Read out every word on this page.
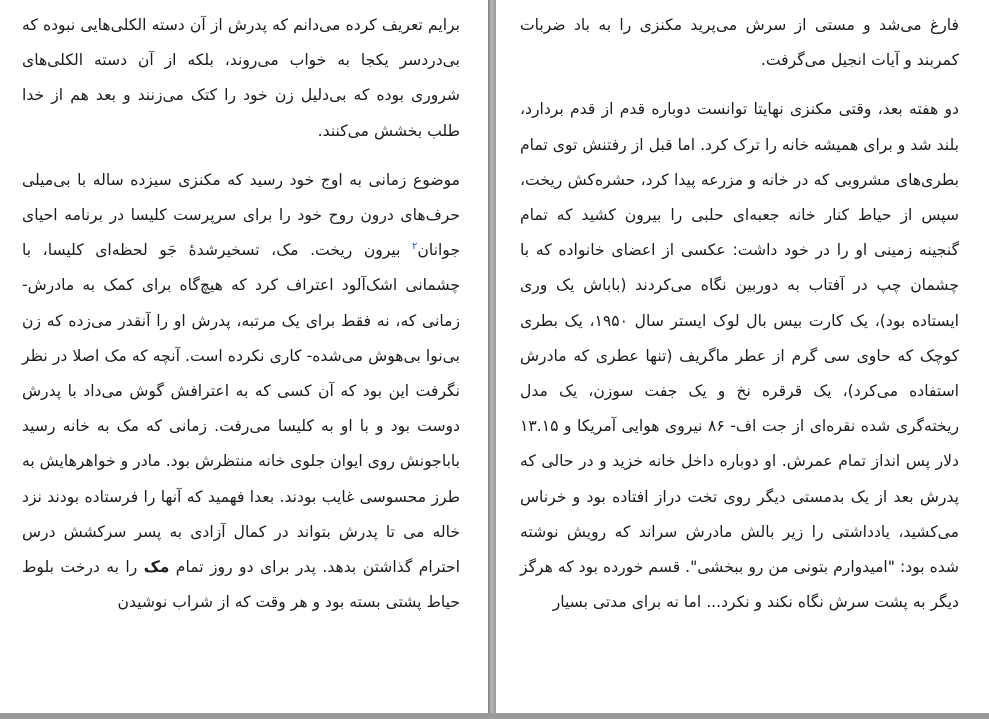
برایم تعریف کرده می‌دانم که پدرش از آن دسته الکلی‌هایی نبوده که بی‌دردسر یکجا به خواب می‌روند، بلکه از آن دسته الکلی‌های شروری بوده که بی‌دلیل زن خود را کتک می‌زنند و بعد هم از خدا طلب بخشش می‌کنند.

موضوع زمانی به اوج خود رسید که مکنزی سیزده ساله با بی‌میلی حرف‌های درون روح خود را برای سرپرست کلیسا در برنامه احیای جوانان$^۲$ بیرون ریخت. مک، تسخیرشدهٔ جَو لحظه‌ای کلیسا، با چشمانی اشک‌آلود اعتراف کرد که هیچ‌گاه برای کمک به مادرش-زمانی که، نه فقط برای یک مرتبه، پدرش او را آنقدر می‌زده که زن بی‌نوا بی‌هوش می‌شده- کاری نکرده است. آنچه که مک اصلا در نظر نگرفت این بود که آن کسی که به اعترافش گوش می‌داد با پدرش دوست بود و با او به کلیسا می‌رفت. زمانی که مک به خانه رسید باباجونش روی ایوان جلوی خانه منتظرش بود. مادر و خواهرهایش به طرز محسوسی غایب بودند. بعدا فهمید که آنها را فرستاده بودند نزد خاله می تا پدرش بتواند در کمال آزادی به پسر سرکشش درس احترام گذاشتن بدهد. پدر برای دو روز تمام مک را به درخت بلوط حیاط پشتی بسته بود و هر وقت که از شراب نوشیدن

فارغ می‌شد و مستی از سرش می‌پرید مکنزی را به باد ضربات کمربند و آیات انجیل می‌گرفت.

دو هفته بعد، وقتی مکنزی نهایتا توانست دوباره قدم از قدم بردارد، بلند شد و برای همیشه خانه را ترک کرد. اما قبل از رفتنش توی تمام بطری‌های مشروبی که در خانه و مزرعه پیدا کرد، حشره‌کش ریخت، سپس از حیاط کنار خانه جعبه‌ای حلبی را بیرون کشید که تمام گنجینه زمینی او را در خود داشت: عکسی از اعضای خانواده که با چشمان چپ در آفتاب به دوربین نگاه می‌کردند (باباش یک وری ایستاده بود)، یک کارت بیس بال لوک ایستر سال ۱۹۵۰، یک بطری کوچک که حاوی سی گرم از عطر ماگریف (تنها عطری که مادرش استفاده می‌کرد)، یک قرقره نخ و یک جفت سوزن، یک مدل ریخته‌گری شده نقره‌ای از جت اف- ۸۶ نیروی هوایی آمریکا و ۱۳.۱۵ دلار پس انداز تمام عمرش. او دوباره داخل خانه خزید و در حالی که پدرش بعد از یک بدمستی دیگر روی تخت دراز افتاده بود و خرناس می‌کشید، یادداشتی را زیر بالش مادرش سراند که رویش نوشته شده بود: "امیدوارم بتونی من رو ببخشی". قسم خورده بود که هرگز دیگر به پشت سرش نگاه نکند و نکرد... اما نه برای مدتی بسیار
